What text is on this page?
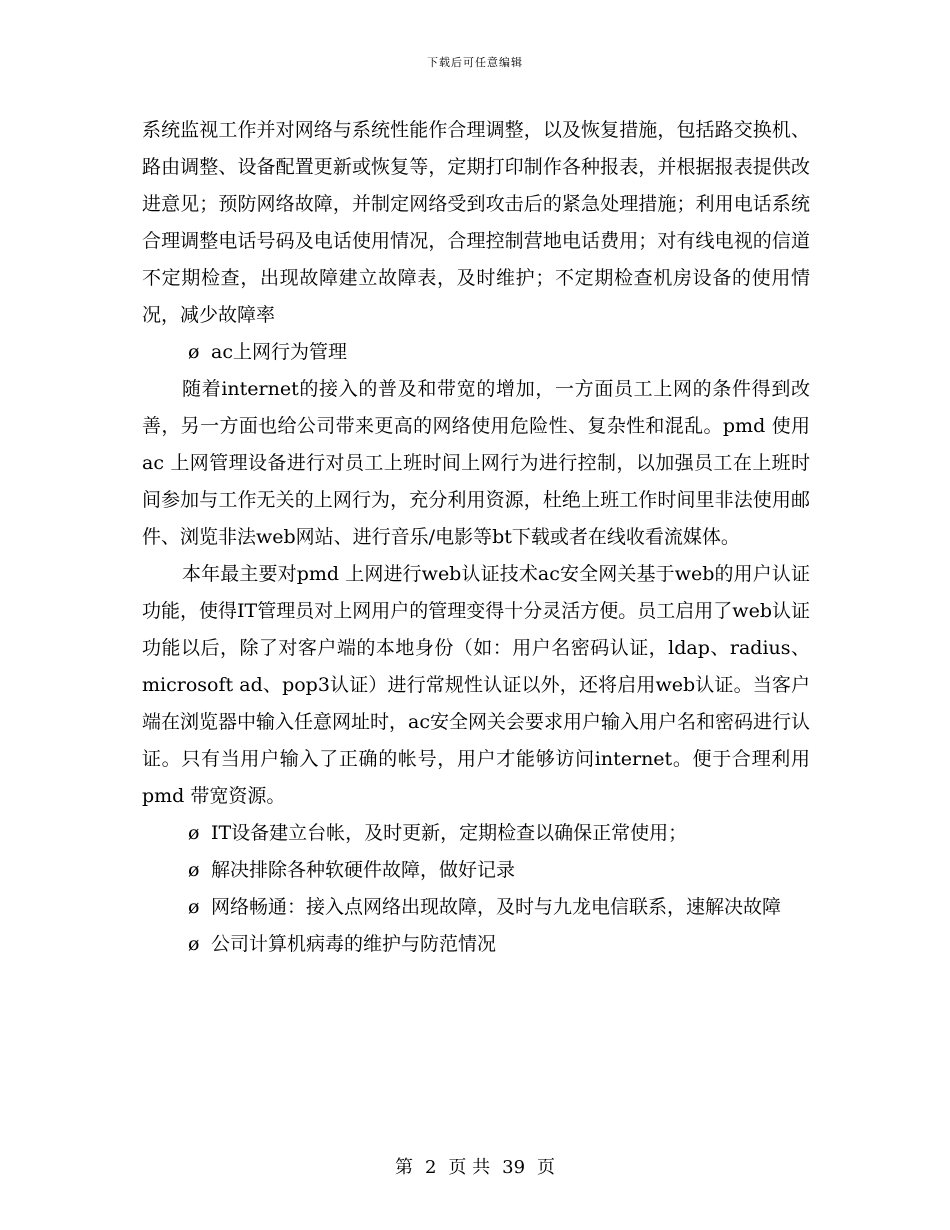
下载后可任意编辑

系统监视工作并对网络与系统性能作合理调整，以及恢复措施，包括路交换机、路由调整、设备配置更新或恢复等，定期打印制作各种报表，并根据报表提供改进意见；预防网络故障，并制定网络受到攻击后的紧急处理措施；利用电话系统合理调整电话号码及电话使用情况，合理控制营地电话费用；对有线电视的信道不定期检查，出现故障建立故障表，及时维护；不定期检查机房设备的使用情况，减少故障率

ø ac上网行为管理

随着internet的接入的普及和带宽的增加，一方面员工上网的条件得到改善，另一方面也给公司带来更高的网络使用危险性、复杂性和混乱。pmd 使用ac 上网管理设备进行对员工上班时间上网行为进行控制，以加强员工在上班时间参加与工作无关的上网行为，充分利用资源，杜绝上班工作时间里非法使用邮件、浏览非法web网站、进行音乐/电影等bt下载或者在线收看流媒体。

本年最主要对pmd 上网进行web认证技术ac安全网关基于web的用户认证功能，使得IT管理员对上网用户的管理变得十分灵活方便。员工启用了web认证功能以后，除了对客户端的本地身份（如：用户名密码认证，ldap、radius、microsoft ad、pop3认证）进行常规性认证以外，还将启用web认证。当客户端在浏览器中输入任意网址时，ac安全网关会要求用户输入用户名和密码进行认证。只有当用户输入了正确的帐号，用户才能够访问internet。便于合理利用pmd 带宽资源。

ø IT设备建立台帐，及时更新，定期检查以确保正常使用；

ø 解决排除各种软硬件故障，做好记录

ø 网络畅通：接入点网络出现故障，及时与九龙电信联系，速解决故障

ø 公司计算机病毒的维护与防范情况

第 2 页 共 39 页
